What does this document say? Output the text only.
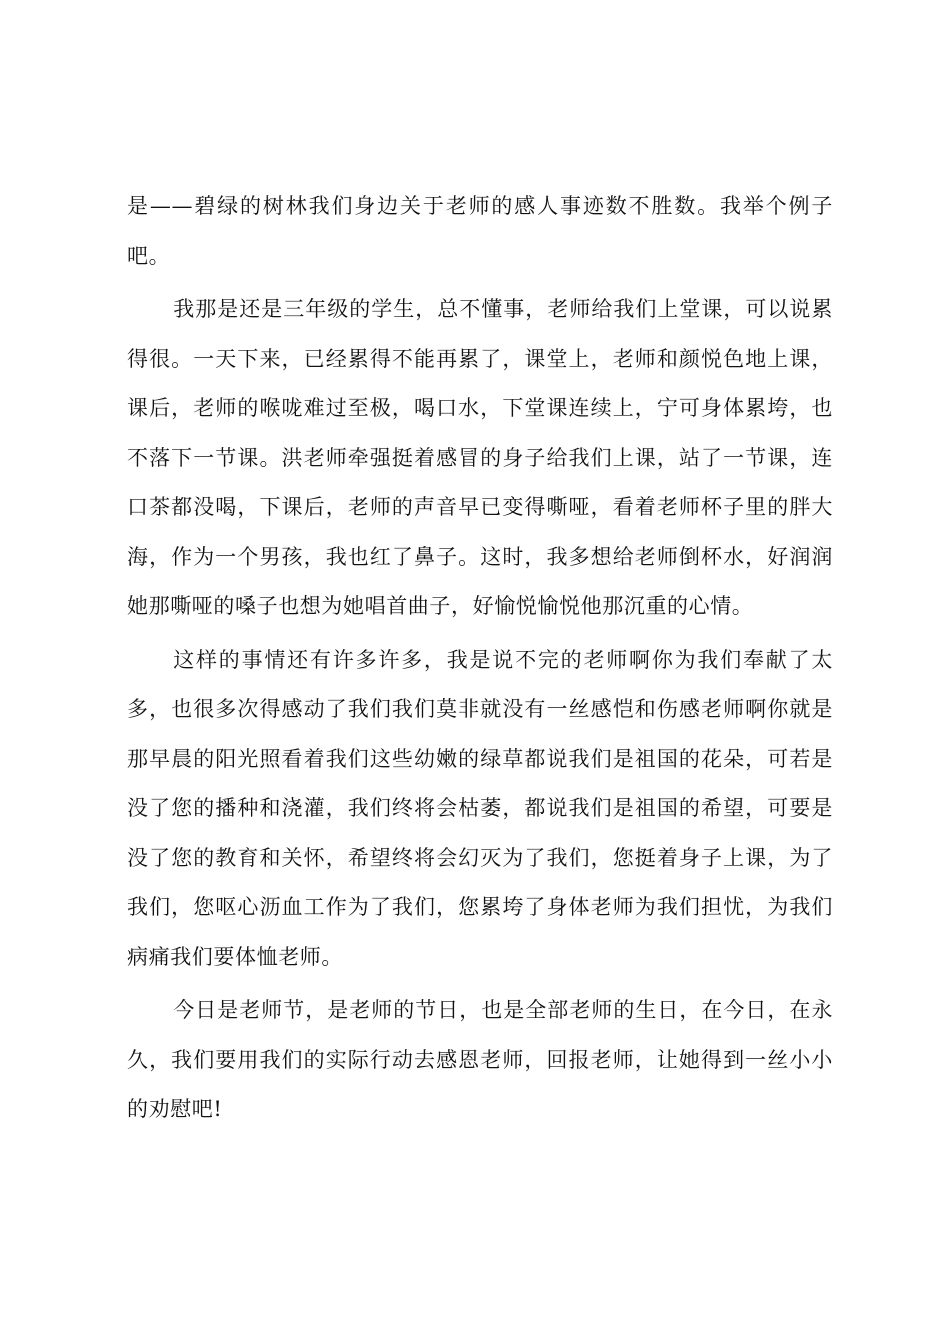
是——碧绿的树林我们身边关于老师的感人事迹数不胜数。我举个例子吧。

我那是还是三年级的学生，总不懂事，老师给我们上堂课，可以说累得很。一天下来，已经累得不能再累了，课堂上，老师和颜悦色地上课，课后，老师的喉咙难过至极，喝口水，下堂课连续上，宁可身体累垮，也不落下一节课。洪老师牵强挺着感冒的身子给我们上课，站了一节课，连口茶都没喝，下课后，老师的声音早已变得嘶哑，看着老师杯子里的胖大海，作为一个男孩，我也红了鼻子。这时，我多想给老师倒杯水，好润润她那嘶哑的嗓子也想为她唱首曲子，好愉悦愉悦他那沉重的心情。

这样的事情还有许多许多，我是说不完的老师啊你为我们奉献了太多，也很多次得感动了我们我们莫非就没有一丝感恺和伤感老师啊你就是那早晨的阳光照看着我们这些幼嫩的绿草都说我们是祖国的花朵，可若是没了您的播种和浇灌，我们终将会枯萎，都说我们是祖国的希望，可要是没了您的教育和关怀，希望终将会幻灭为了我们，您挺着身子上课，为了我们，您呕心沥血工作为了我们，您累垮了身体老师为我们担忧，为我们病痛我们要体恤老师。

今日是老师节，是老师的节日，也是全部老师的生日，在今日，在永久，我们要用我们的实际行动去感恩老师，回报老师，让她得到一丝小小的劝慰吧!
